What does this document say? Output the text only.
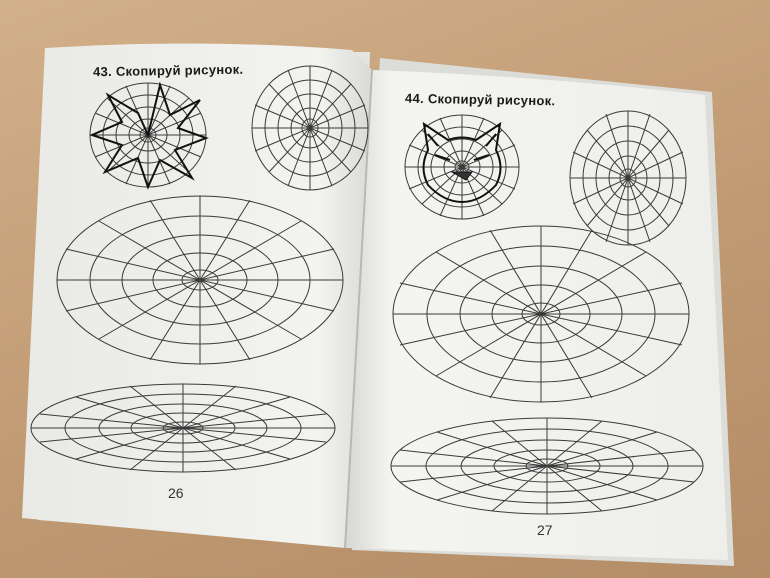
43. Скопируй рисунок.
44. Скопируй рисунок.
26
27
